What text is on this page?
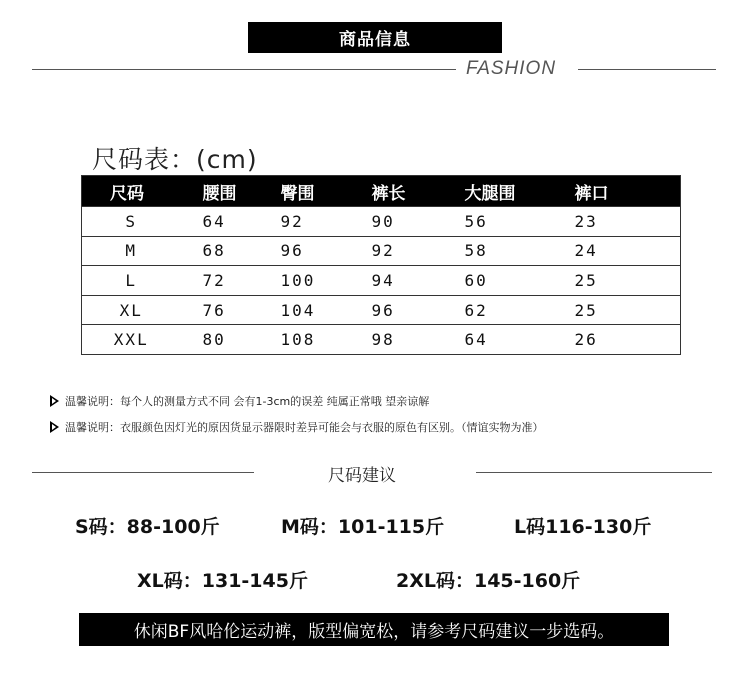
商品信息
FASHION
尺码表：(cm)
尺码	腰围	臀围	裤长	大腿围	裤口
S	64	92	90	56	23
M	68	96	92	58	24
L	72	100	94	60	25
XL	76	104	96	62	25
XXL	80	108	98	64	26
温馨说明：每个人的测量方式不同 会有1-3cm的误差 纯属正常哦 望亲谅解
温馨说明：衣服颜色因灯光的原因货显示器限时差异可能会与衣服的原色有区别。（情谊实物为准）
尺码建议
S码：88-100斤	M码：101-115斤	L码116-130斤
XL码：131-145斤	2XL码：145-160斤
休闲BF风哈伦运动裤，版型偏宽松，请参考尺码建议一步选码。
